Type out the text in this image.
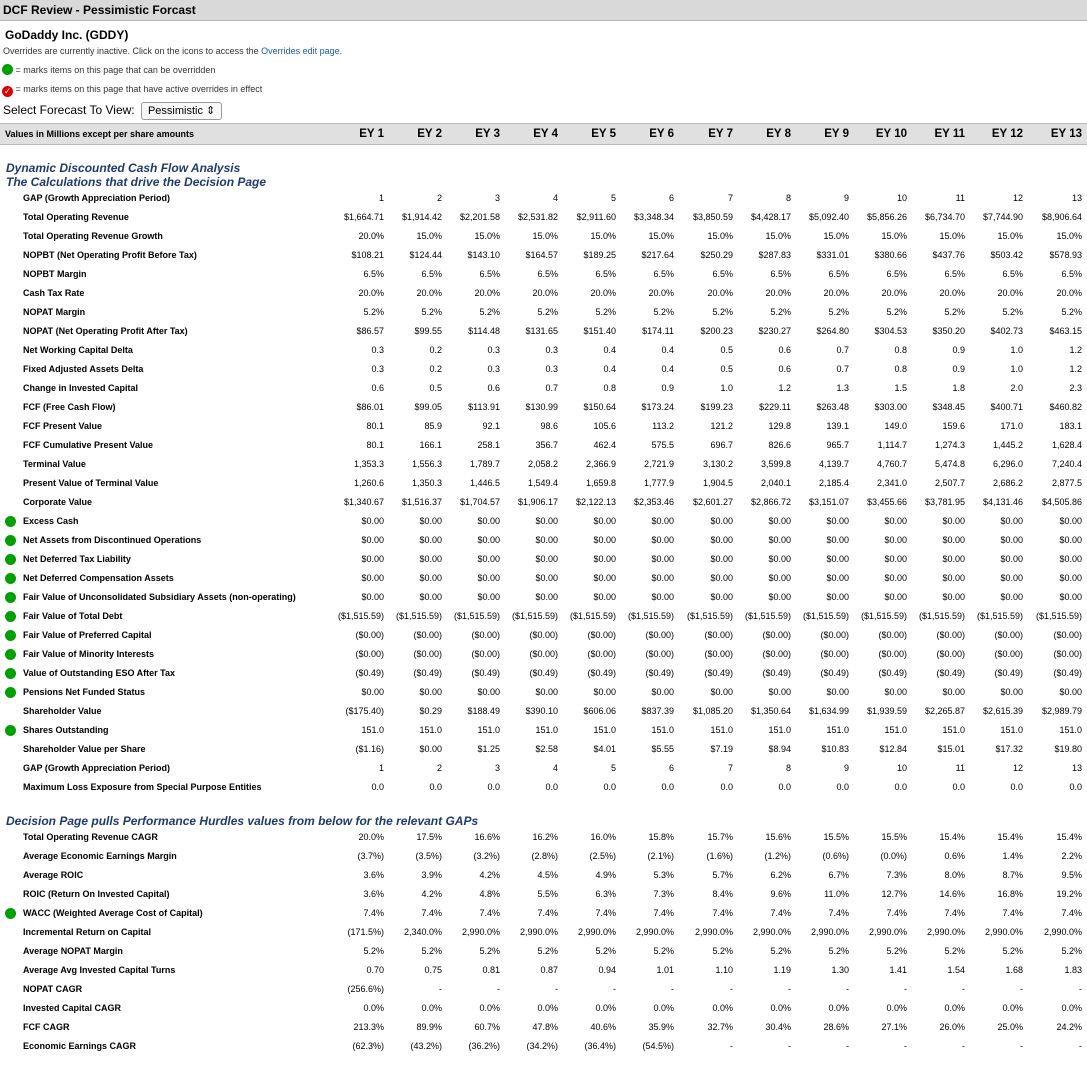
DCF Review - Pessimistic Forcast
GoDaddy Inc. (GDDY)
Overrides are currently inactive. Click on the icons to access the Overrides edit page.
= marks items on this page that can be overridden
✓ = marks items on this page that have active overrides in effect
Select Forecast To View: Pessimistic ⇕
Values in Millions except per share amounts	EY 1	EY 2	EY 3	EY 4	EY 5	EY 6	EY 7	EY 8	EY 9	EY 10	EY 11	EY 12	EY 13
Dynamic Discounted Cash Flow Analysis
The Calculations that drive the Decision Page
GAP (Growth Appreciation Period)	1	2	3	4	5	6	7	8	9	10	11	12	13
Total Operating Revenue	$1,664.71	$1,914.42	$2,201.58	$2,531.82	$2,911.60	$3,348.34	$3,850.59	$4,428.17	$5,092.40	$5,856.26	$6,734.70	$7,744.90	$8,906.64
Total Operating Revenue Growth	20.0%	15.0%	15.0%	15.0%	15.0%	15.0%	15.0%	15.0%	15.0%	15.0%	15.0%	15.0%	15.0%
NOPBT (Net Operating Profit Before Tax)	$108.21	$124.44	$143.10	$164.57	$189.25	$217.64	$250.29	$287.83	$331.01	$380.66	$437.76	$503.42	$578.93
NOPBT Margin	6.5%	6.5%	6.5%	6.5%	6.5%	6.5%	6.5%	6.5%	6.5%	6.5%	6.5%	6.5%	6.5%
Cash Tax Rate	20.0%	20.0%	20.0%	20.0%	20.0%	20.0%	20.0%	20.0%	20.0%	20.0%	20.0%	20.0%	20.0%
NOPAT Margin	5.2%	5.2%	5.2%	5.2%	5.2%	5.2%	5.2%	5.2%	5.2%	5.2%	5.2%	5.2%	5.2%
NOPAT (Net Operating Profit After Tax)	$86.57	$99.55	$114.48	$131.65	$151.40	$174.11	$200.23	$230.27	$264.80	$304.53	$350.20	$402.73	$463.15
Net Working Capital Delta	0.3	0.2	0.3	0.3	0.4	0.4	0.5	0.6	0.7	0.8	0.9	1.0	1.2
Fixed Adjusted Assets Delta	0.3	0.2	0.3	0.3	0.4	0.4	0.5	0.6	0.7	0.8	0.9	1.0	1.2
Change in Invested Capital	0.6	0.5	0.6	0.7	0.8	0.9	1.0	1.2	1.3	1.5	1.8	2.0	2.3
FCF (Free Cash Flow)	$86.01	$99.05	$113.91	$130.99	$150.64	$173.24	$199.23	$229.11	$263.48	$303.00	$348.45	$400.71	$460.82
FCF Present Value	80.1	85.9	92.1	98.6	105.6	113.2	121.2	129.8	139.1	149.0	159.6	171.0	183.1
FCF Cumulative Present Value	80.1	166.1	258.1	356.7	462.4	575.5	696.7	826.6	965.7	1,114.7	1,274.3	1,445.2	1,628.4
Terminal Value	1,353.3	1,556.3	1,789.7	2,058.2	2,366.9	2,721.9	3,130.2	3,599.8	4,139.7	4,760.7	5,474.8	6,296.0	7,240.4
Present Value of Terminal Value	1,260.6	1,350.3	1,446.5	1,549.4	1,659.8	1,777.9	1,904.5	2,040.1	2,185.4	2,341.0	2,507.7	2,686.2	2,877.5
Corporate Value	$1,340.67	$1,516.37	$1,704.57	$1,906.17	$2,122.13	$2,353.46	$2,601.27	$2,866.72	$3,151.07	$3,455.66	$3,781.95	$4,131.46	$4,505.86
Excess Cash	$0.00	$0.00	$0.00	$0.00	$0.00	$0.00	$0.00	$0.00	$0.00	$0.00	$0.00	$0.00	$0.00
Net Assets from Discontinued Operations	$0.00	$0.00	$0.00	$0.00	$0.00	$0.00	$0.00	$0.00	$0.00	$0.00	$0.00	$0.00	$0.00
Net Deferred Tax Liability	$0.00	$0.00	$0.00	$0.00	$0.00	$0.00	$0.00	$0.00	$0.00	$0.00	$0.00	$0.00	$0.00
Net Deferred Compensation Assets	$0.00	$0.00	$0.00	$0.00	$0.00	$0.00	$0.00	$0.00	$0.00	$0.00	$0.00	$0.00	$0.00
Fair Value of Unconsolidated Subsidiary Assets (non-operating)	$0.00	$0.00	$0.00	$0.00	$0.00	$0.00	$0.00	$0.00	$0.00	$0.00	$0.00	$0.00	$0.00
Fair Value of Total Debt	($1,515.59)	($1,515.59)	($1,515.59)	($1,515.59)	($1,515.59)	($1,515.59)	($1,515.59)	($1,515.59)	($1,515.59)	($1,515.59)	($1,515.59)	($1,515.59)	($1,515.59)
Fair Value of Preferred Capital	($0.00)	($0.00)	($0.00)	($0.00)	($0.00)	($0.00)	($0.00)	($0.00)	($0.00)	($0.00)	($0.00)	($0.00)	($0.00)
Fair Value of Minority Interests	($0.00)	($0.00)	($0.00)	($0.00)	($0.00)	($0.00)	($0.00)	($0.00)	($0.00)	($0.00)	($0.00)	($0.00)	($0.00)
Value of Outstanding ESO After Tax	($0.49)	($0.49)	($0.49)	($0.49)	($0.49)	($0.49)	($0.49)	($0.49)	($0.49)	($0.49)	($0.49)	($0.49)	($0.49)
Pensions Net Funded Status	$0.00	$0.00	$0.00	$0.00	$0.00	$0.00	$0.00	$0.00	$0.00	$0.00	$0.00	$0.00	$0.00
Shareholder Value	($175.40)	$0.29	$188.49	$390.10	$606.06	$837.39	$1,085.20	$1,350.64	$1,634.99	$1,939.59	$2,265.87	$2,615.39	$2,989.79
Shares Outstanding	151.0	151.0	151.0	151.0	151.0	151.0	151.0	151.0	151.0	151.0	151.0	151.0	151.0
Shareholder Value per Share	($1.16)	$0.00	$1.25	$2.58	$4.01	$5.55	$7.19	$8.94	$10.83	$12.84	$15.01	$17.32	$19.80
GAP (Growth Appreciation Period)	1	2	3	4	5	6	7	8	9	10	11	12	13
Maximum Loss Exposure from Special Purpose Entities	0.0	0.0	0.0	0.0	0.0	0.0	0.0	0.0	0.0	0.0	0.0	0.0	0.0
Decision Page pulls Performance Hurdles values from below for the relevant GAPs
Total Operating Revenue CAGR	20.0%	17.5%	16.6%	16.2%	16.0%	15.8%	15.7%	15.6%	15.5%	15.5%	15.4%	15.4%	15.4%
Average Economic Earnings Margin	(3.7%)	(3.5%)	(3.2%)	(2.8%)	(2.5%)	(2.1%)	(1.6%)	(1.2%)	(0.6%)	(0.0%)	0.6%	1.4%	2.2%
Average ROIC	3.6%	3.9%	4.2%	4.5%	4.9%	5.3%	5.7%	6.2%	6.7%	7.3%	8.0%	8.7%	9.5%
ROIC (Return On Invested Capital)	3.6%	4.2%	4.8%	5.5%	6.3%	7.3%	8.4%	9.6%	11.0%	12.7%	14.6%	16.8%	19.2%
WACC (Weighted Average Cost of Capital)	7.4%	7.4%	7.4%	7.4%	7.4%	7.4%	7.4%	7.4%	7.4%	7.4%	7.4%	7.4%	7.4%
Incremental Return on Capital	(171.5%)	2,340.0%	2,990.0%	2,990.0%	2,990.0%	2,990.0%	2,990.0%	2,990.0%	2,990.0%	2,990.0%	2,990.0%	2,990.0%	2,990.0%
Average NOPAT Margin	5.2%	5.2%	5.2%	5.2%	5.2%	5.2%	5.2%	5.2%	5.2%	5.2%	5.2%	5.2%	5.2%
Average Avg Invested Capital Turns	0.70	0.75	0.81	0.87	0.94	1.01	1.10	1.19	1.30	1.41	1.54	1.68	1.83
NOPAT CAGR	(256.6%)	-	-	-	-	-	-	-	-	-	-	-	-
Invested Capital CAGR	0.0%	0.0%	0.0%	0.0%	0.0%	0.0%	0.0%	0.0%	0.0%	0.0%	0.0%	0.0%	0.0%
FCF CAGR	213.3%	89.9%	60.7%	47.8%	40.6%	35.9%	32.7%	30.4%	28.6%	27.1%	26.0%	25.0%	24.2%
Economic Earnings CAGR	(62.3%)	(43.2%)	(36.2%)	(34.2%)	(36.4%)	(54.5%)	-	-	-	-	-	-	-
